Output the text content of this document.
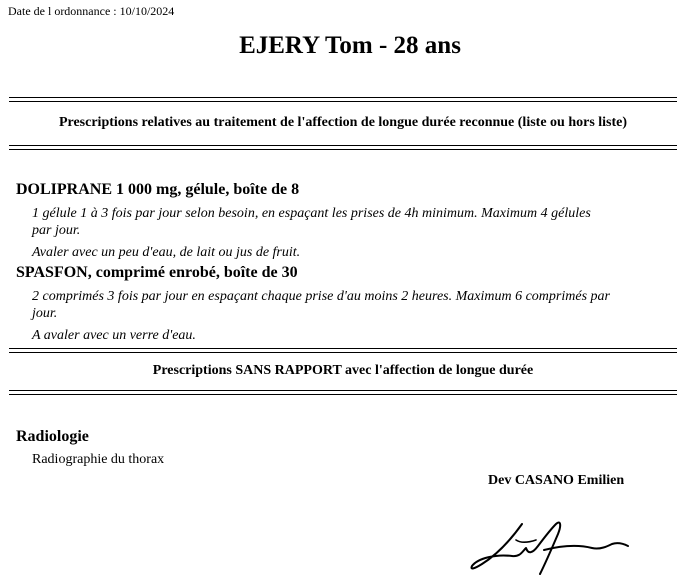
Date de l ordonnance : 10/10/2024
EJERY Tom - 28 ans
Prescriptions relatives au traitement de l'affection de longue durée reconnue (liste ou hors liste)
DOLIPRANE 1 000 mg, gélule, boîte de 8
1 gélule 1 à 3 fois par jour selon besoin, en espaçant les prises de 4h minimum. Maximum 4 gélules par jour.
Avaler avec un peu d'eau, de lait ou jus de fruit.
SPASFON, comprimé enrobé, boîte de 30
2 comprimés 3 fois par jour en espaçant chaque prise d'au moins 2 heures. Maximum 6 comprimés par jour.
A avaler avec un verre d'eau.
Prescriptions SANS RAPPORT avec l'affection de longue durée
Radiologie
Radiographie du thorax
Dev CASANO Emilien
